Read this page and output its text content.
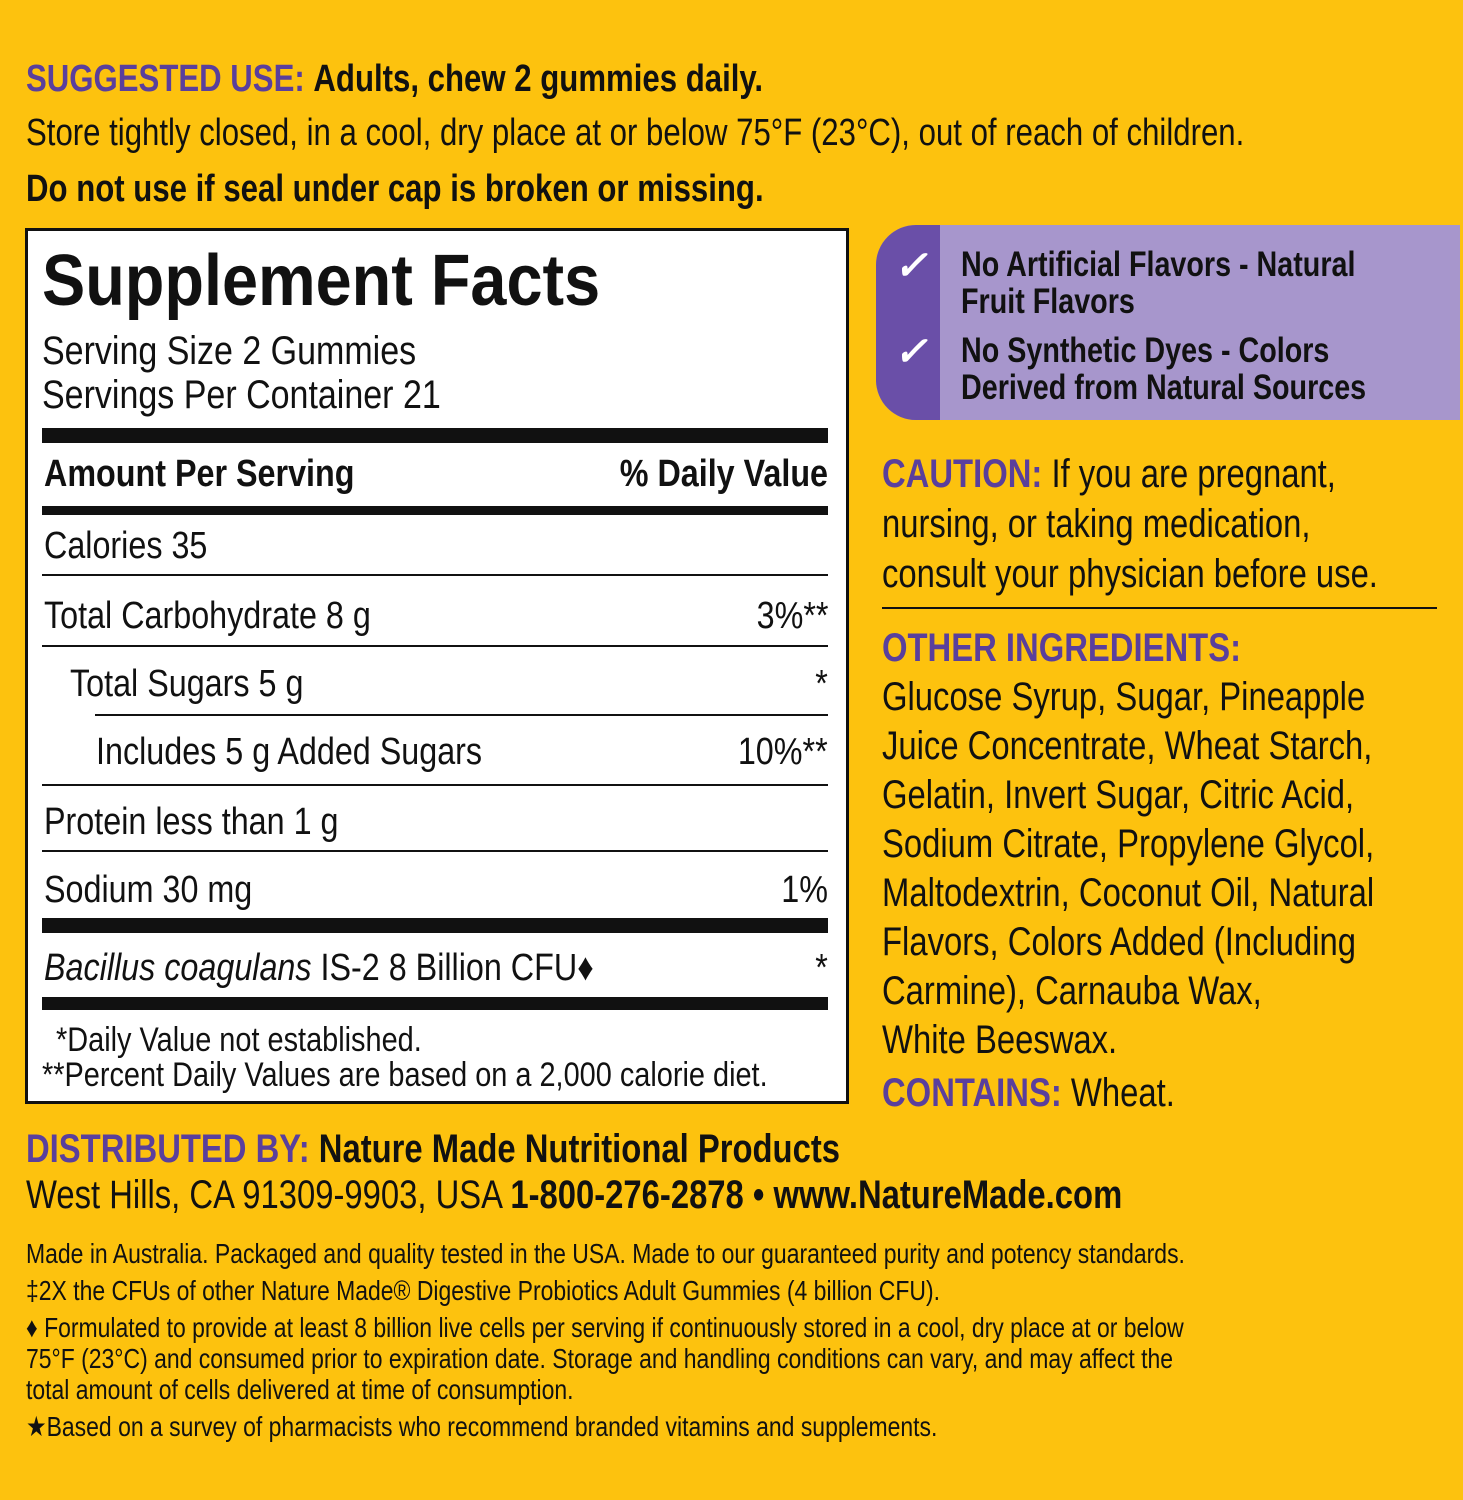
SUGGESTED USE: Adults, chew 2 gummies daily.
Store tightly closed, in a cool, dry place at or below 75°F (23°C), out of reach of children.
Do not use if seal under cap is broken or missing.
Supplement Facts
Serving Size 2 Gummies
Servings Per Container 21
Amount Per Serving	% Daily Value
Calories 35
Total Carbohydrate 8 g	3%**
Total Sugars 5 g	*
Includes 5 g Added Sugars	10%**
Protein less than 1 g
Sodium 30 mg	1%
Bacillus coagulans IS-2 8 Billion CFU♦	*
*Daily Value not established.
**Percent Daily Values are based on a 2,000 calorie diet.
✓
✓
No Artificial Flavors - Natural
Fruit Flavors
No Synthetic Dyes - Colors
Derived from Natural Sources
CAUTION: If you are pregnant,
nursing, or taking medication,
consult your physician before use.
OTHER INGREDIENTS:
Glucose Syrup, Sugar, Pineapple
Juice Concentrate, Wheat Starch,
Gelatin, Invert Sugar, Citric Acid,
Sodium Citrate, Propylene Glycol,
Maltodextrin, Coconut Oil, Natural
Flavors, Colors Added (Including
Carmine), Carnauba Wax,
White Beeswax.
CONTAINS: Wheat.
DISTRIBUTED BY: Nature Made Nutritional Products
West Hills, CA 91309-9903, USA 1-800-276-2878 • www.NatureMade.com
Made in Australia. Packaged and quality tested in the USA. Made to our guaranteed purity and potency standards.
‡2X the CFUs of other Nature Made® Digestive Probiotics Adult Gummies (4 billion CFU).
♦ Formulated to provide at least 8 billion live cells per serving if continuously stored in a cool, dry place at or below
75°F (23°C) and consumed prior to expiration date. Storage and handling conditions can vary, and may affect the
total amount of cells delivered at time of consumption.
★Based on a survey of pharmacists who recommend branded vitamins and supplements.
